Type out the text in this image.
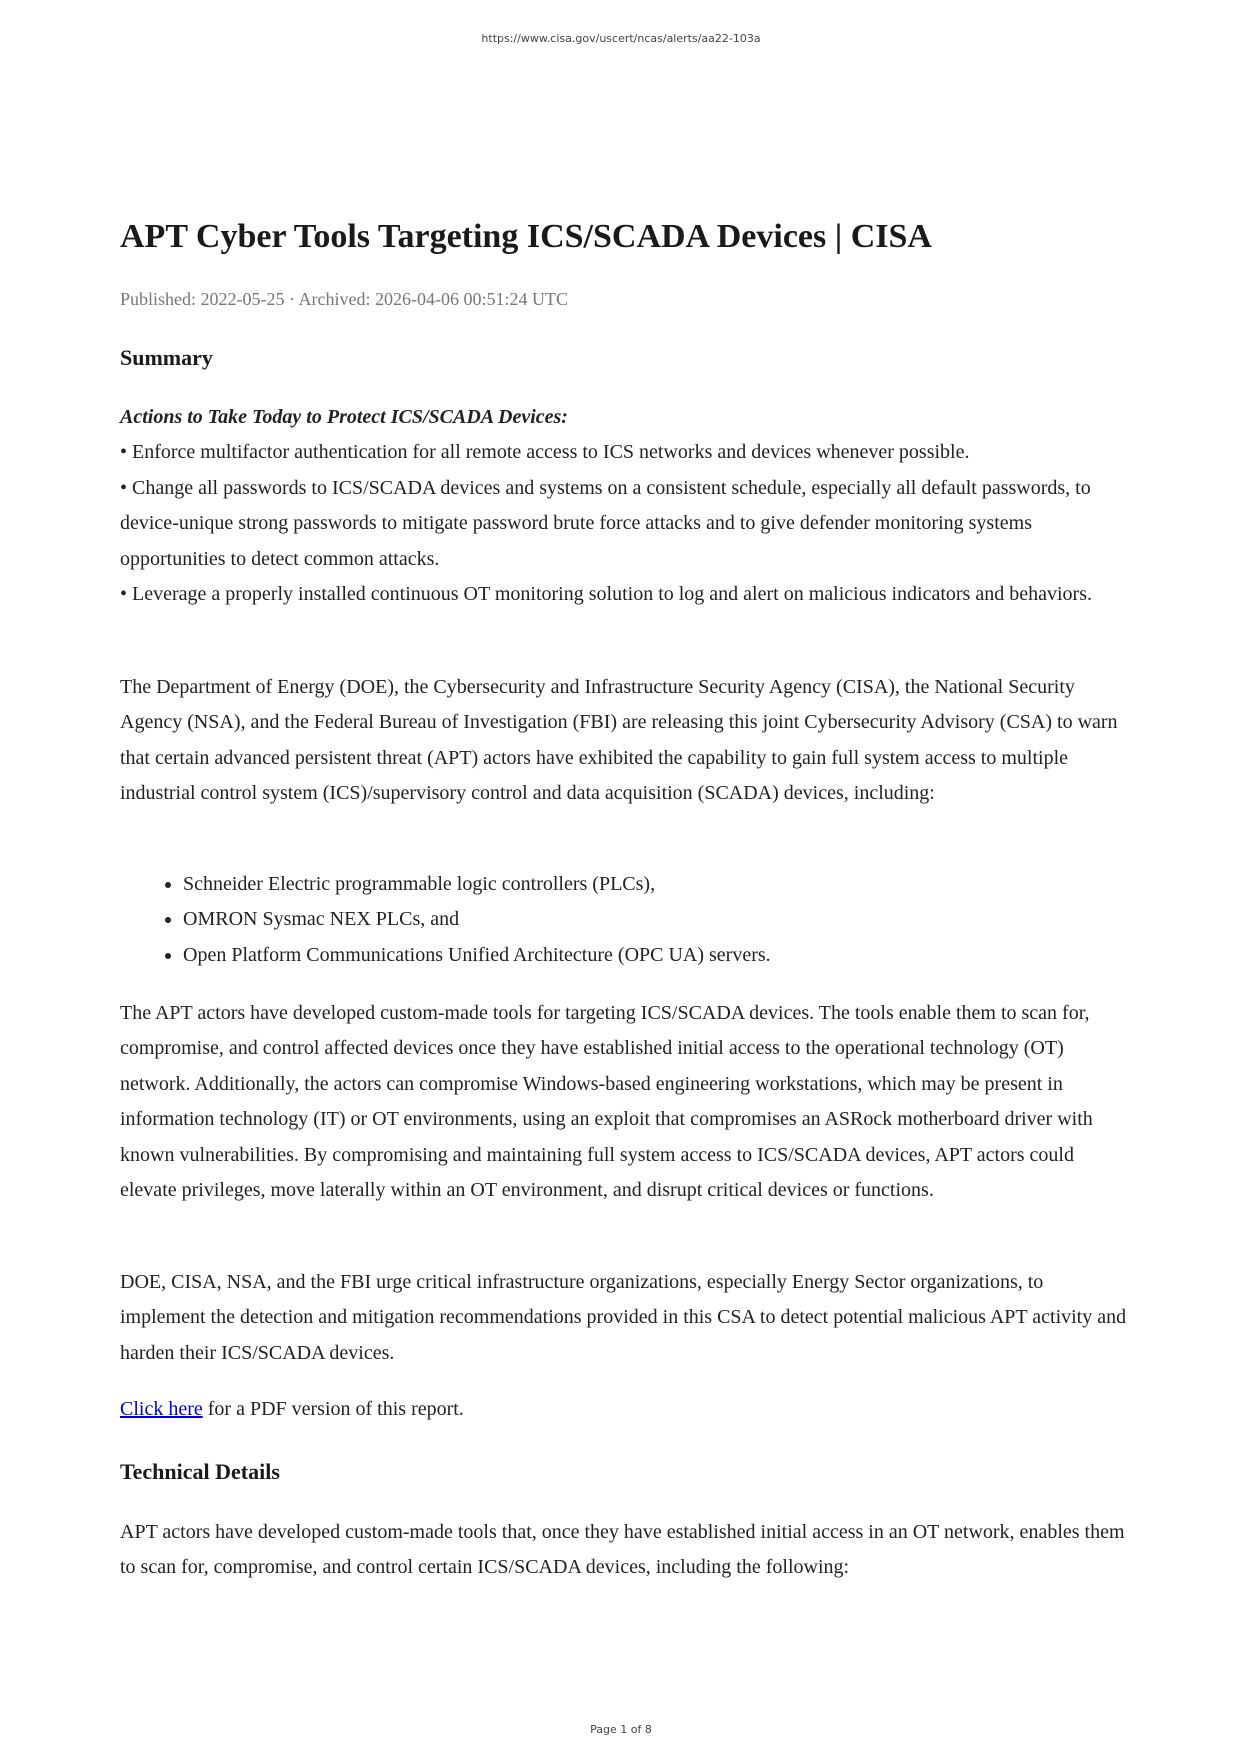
https://www.cisa.gov/uscert/ncas/alerts/aa22-103a
APT Cyber Tools Targeting ICS/SCADA Devices | CISA
Published: 2022-05-25 · Archived: 2026-04-06 00:51:24 UTC
Summary

Actions to Take Today to Protect ICS/SCADA Devices:

• Enforce multifactor authentication for all remote access to ICS networks and devices whenever possible.

• Change all passwords to ICS/SCADA devices and systems on a consistent schedule, especially all default passwords, to device-unique strong passwords to mitigate password brute force attacks and to give defender monitoring systems opportunities to detect common attacks.

• Leverage a properly installed continuous OT monitoring solution to log and alert on malicious indicators and behaviors.

The Department of Energy (DOE), the Cybersecurity and Infrastructure Security Agency (CISA), the National Security Agency (NSA), and the Federal Bureau of Investigation (FBI) are releasing this joint Cybersecurity Advisory (CSA) to warn that certain advanced persistent threat (APT) actors have exhibited the capability to gain full system access to multiple industrial control system (ICS)/supervisory control and data acquisition (SCADA) devices, including:
• Schneider Electric programmable logic controllers (PLCs),
• OMRON Sysmac NEX PLCs, and
• Open Platform Communications Unified Architecture (OPC UA) servers.
The APT actors have developed custom-made tools for targeting ICS/SCADA devices. The tools enable them to scan for, compromise, and control affected devices once they have established initial access to the operational technology (OT) network. Additionally, the actors can compromise Windows-based engineering workstations, which may be present in information technology (IT) or OT environments, using an exploit that compromises an ASRock motherboard driver with known vulnerabilities. By compromising and maintaining full system access to ICS/SCADA devices, APT actors could elevate privileges, move laterally within an OT environment, and disrupt critical devices or functions.
DOE, CISA, NSA, and the FBI urge critical infrastructure organizations, especially Energy Sector organizations, to implement the detection and mitigation recommendations provided in this CSA to detect potential malicious APT activity and harden their ICS/SCADA devices.
Click here for a PDF version of this report.
Technical Details
APT actors have developed custom-made tools that, once they have established initial access in an OT network, enables them to scan for, compromise, and control certain ICS/SCADA devices, including the following:
Page 1 of 8
